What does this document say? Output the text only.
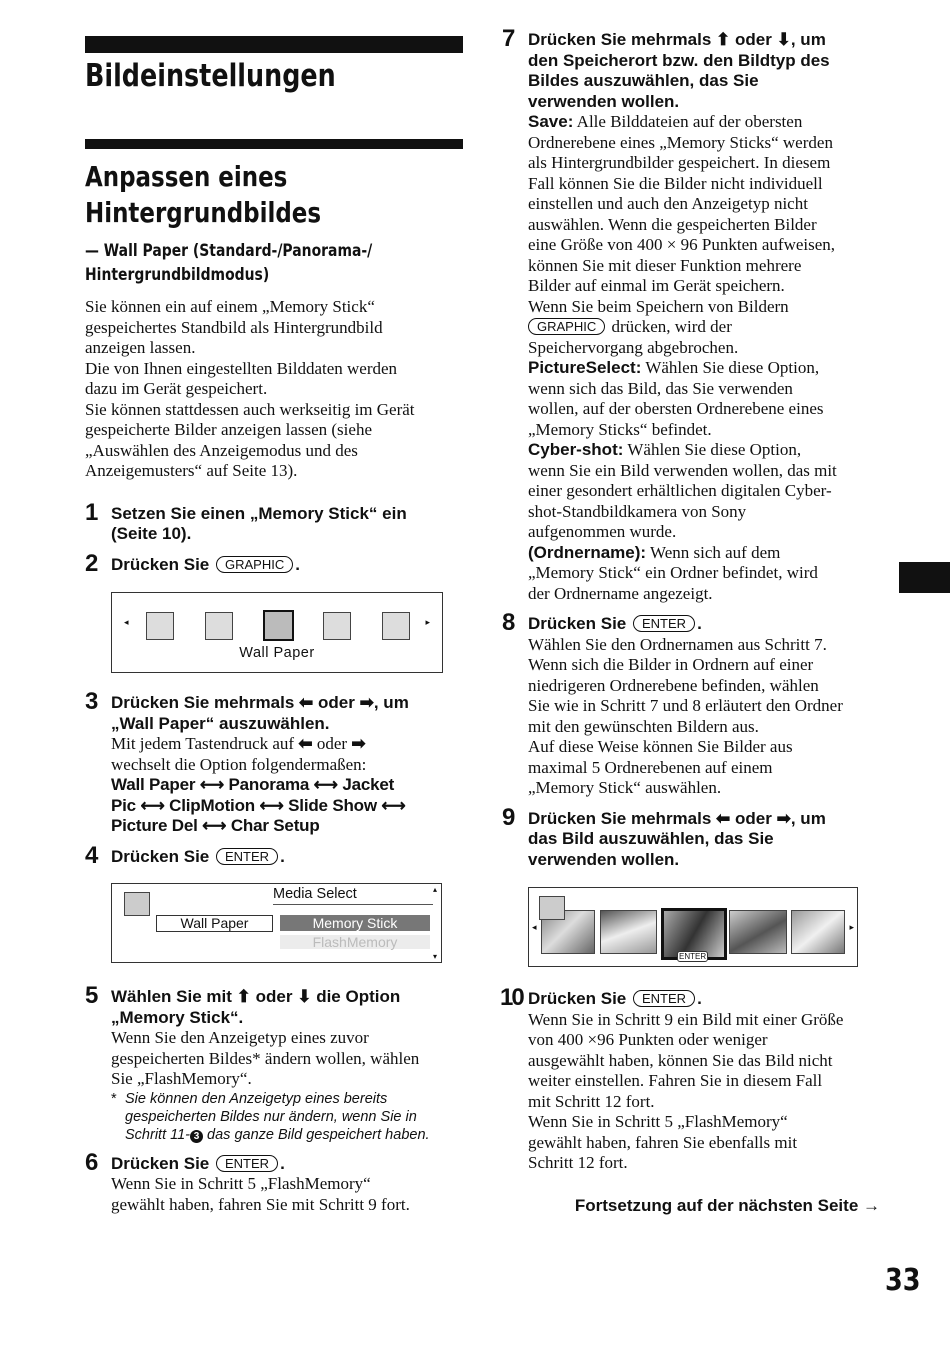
Bildeinstellungen
Anpassen eines
Hintergrundbildes
— Wall Paper (Standard-/Panorama-/
Hintergrundbildmodus)

Sie können ein auf einem „Memory Stick“

gespeichertes Standbild als Hintergrundbild

anzeigen lassen.

Die von Ihnen eingestellten Bilddaten werden

dazu im Gerät gespeichert.

Sie können stattdessen auch werkseitig im Gerät

gespeicherte Bilder anzeigen lassen (siehe

„Auswählen des Anzeigemodus und des

Anzeigemusters“ auf Seite 13).

1 Setzen Sie einen „Memory Stick“ ein
(Seite 10).
2 Drücken Sie GRAPHIC .
◂	▸
Wall Paper
3 Drücken Sie mehrmals ⬅ oder ➡, um
„Wall Paper“ auszuwählen.
Mit jedem Tastendruck auf ⬅ oder ➡
wechselt die Option folgendermaßen:
Wall Paper ⟷ Panorama ⟷ Jacket
Pic ⟷ ClipMotion ⟷ Slide Show ⟷
Picture Del ⟷ Char Setup
4 Drücken Sie ENTER .
Wall Paper
Media Select
Memory Stick
FlashMemory
▴
▾
5 Wählen Sie mit ⬆ oder ⬇ die Option
„Memory Stick“.

Wenn Sie den Anzeigetyp eines zuvor

gespeicherten Bildes* ändern wollen, wählen

Sie „FlashMemory“.

* Sie können den Anzeigetyp eines bereits

gespeicherten Bildes nur ändern, wenn Sie in

Schritt 11- 3 das ganze Bild gespeichert haben.

6 Drücken Sie ENTER .

Wenn Sie in Schritt 5 „FlashMemory“

gewählt haben, fahren Sie mit Schritt 9 fort.

7 Drücken Sie mehrmals ⬆ oder ⬇, um
den Speicherort bzw. den Bildtyp des
Bildes auszuwählen, das Sie
verwenden wollen.

Save: Alle Bilddateien auf der obersten

Ordnerebene eines „Memory Sticks“ werden

als Hintergrundbilder gespeichert. In diesem

Fall können Sie die Bilder nicht individuell

einstellen und auch den Anzeigetyp nicht

auswählen. Wenn die gespeicherten Bilder

eine Größe von 400 × 96 Punkten aufweisen,

können Sie mit dieser Funktion mehrere

Bilder auf einmal im Gerät speichern.

Wenn Sie beim Speichern von Bildern

GRAPHIC drücken, wird der

Speichervorgang abgebrochen.

PictureSelect: Wählen Sie diese Option,

wenn sich das Bild, das Sie verwenden

wollen, auf der obersten Ordnerebene eines

„Memory Sticks“ befindet.

Cyber-shot: Wählen Sie diese Option,

wenn Sie ein Bild verwenden wollen, das mit

einer gesondert erhältlichen digitalen Cyber-

shot-Standbildkamera von Sony

aufgenommen wurde.

(Ordnername): Wenn sich auf dem

„Memory Stick“ ein Ordner befindet, wird

der Ordnername angezeigt.

8 Drücken Sie ENTER .

Wählen Sie den Ordnernamen aus Schritt 7.

Wenn sich die Bilder in Ordnern auf einer

niedrigeren Ordnerebene befinden, wählen

Sie wie in Schritt 7 und 8 erläutert den Ordner

mit den gewünschten Bildern aus.

Auf diese Weise können Sie Bilder aus

maximal 5 Ordnerebenen auf einem

„Memory Stick“ auswählen.

9 Drücken Sie mehrmals ⬅ oder ➡, um
das Bild auszuwählen, das Sie
verwenden wollen.
◂	▸
ENTER
10 Drücken Sie ENTER .

Wenn Sie in Schritt 9 ein Bild mit einer Größe

von 400 ×96 Punkten oder weniger

ausgewählt haben, können Sie das Bild nicht

weiter einstellen. Fahren Sie in diesem Fall

mit Schritt 12 fort.

Wenn Sie in Schritt 5 „FlashMemory“

gewählt haben, fahren Sie ebenfalls mit

Schritt 12 fort.

Fortsetzung auf der nächsten Seite →
33
